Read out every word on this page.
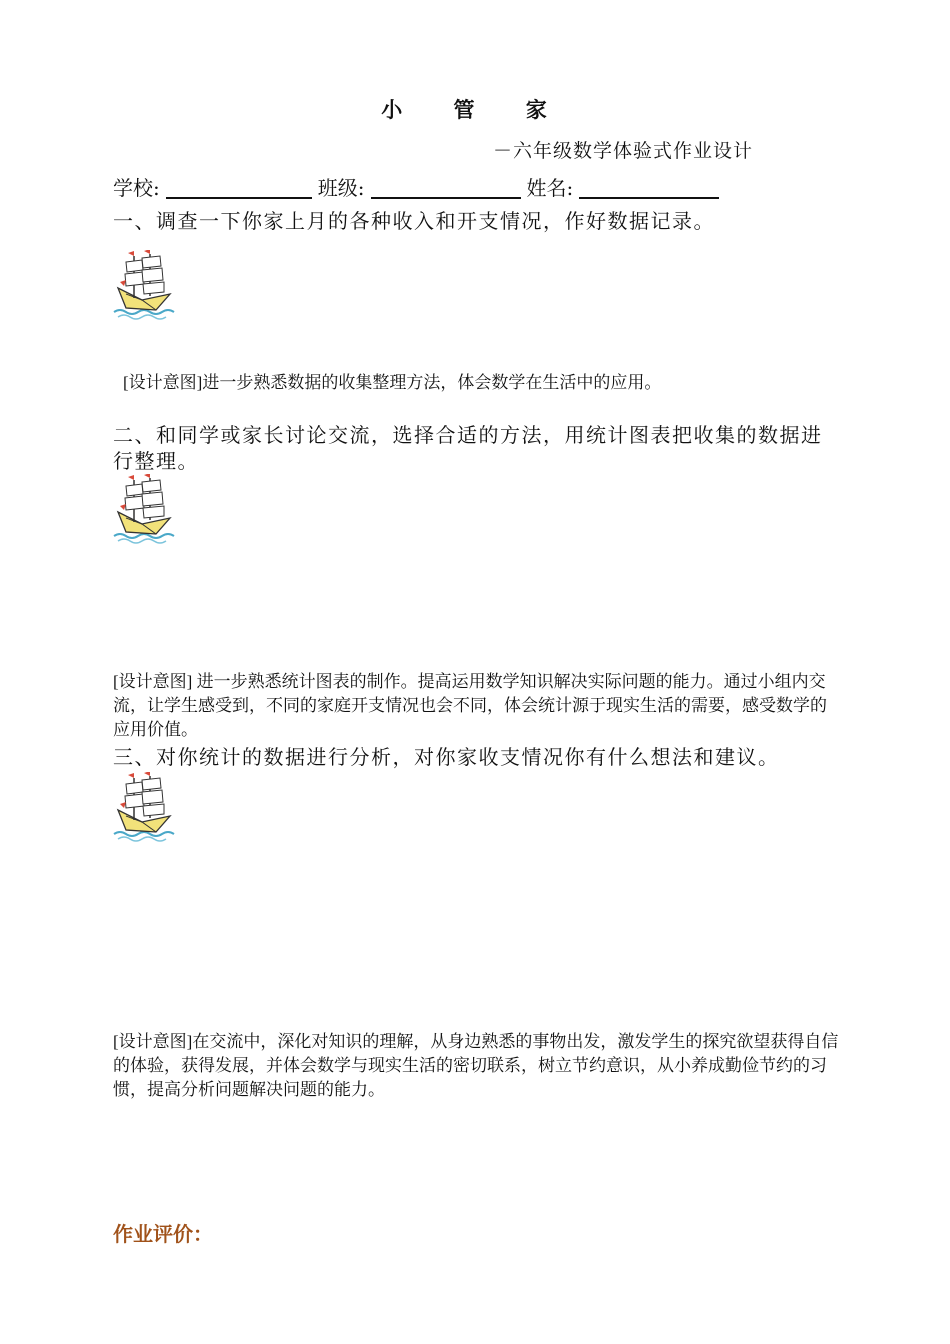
小 管 家
－六年级数学体验式作业设计
学校:	班级:	姓名:
一、调查一下你家上月的各种收入和开支情况，作好数据记录。
[设计意图]进一步熟悉数据的收集整理方法，体会数学在生活中的应用。
二、和同学或家长讨论交流，选择合适的方法，用统计图表把收集的数据进行整理。
[设计意图] 进一步熟悉统计图表的制作。提高运用数学知识解决实际问题的能力。通过小组内交流，让学生感受到，不同的家庭开支情况也会不同，体会统计源于现实生活的需要，感受数学的应用价值。
三、对你统计的数据进行分析，对你家收支情况你有什么想法和建议。
[设计意图]在交流中，深化对知识的理解，从身边熟悉的事物出发，激发学生的探究欲望获得自信的体验，获得发展，并体会数学与现实生活的密切联系，树立节约意识，从小养成勤俭节约的习惯，提高分析问题解决问题的能力。
作业评价：
